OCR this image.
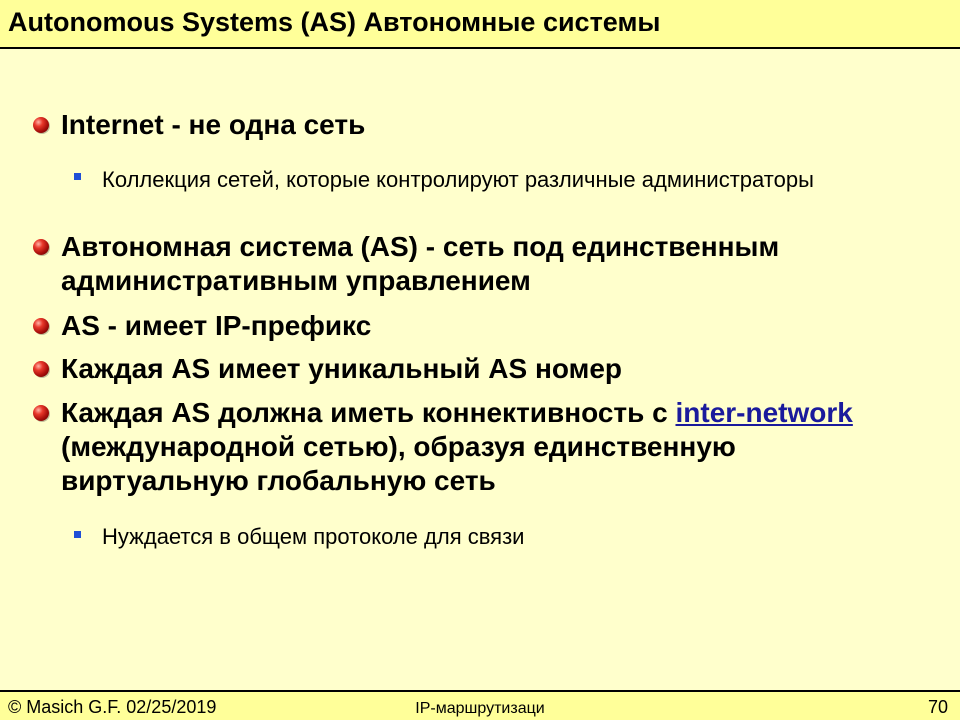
Autonomous Systems (AS) Автономные системы
Internet - не одна сеть
Коллекция сетей, которые контролируют различные администраторы
Автономная система (AS) - сеть под единственным административным управлением
AS - имеет IP-префикс
Каждая AS имеет уникальный AS номер
Каждая AS должна иметь коннективность с inter-network (международной сетью), образуя единственную виртуальную глобальную сеть
Нуждается в общем протоколе для связи
© Masich G.F. 02/25/2019	IP-маршрутизаци	70
